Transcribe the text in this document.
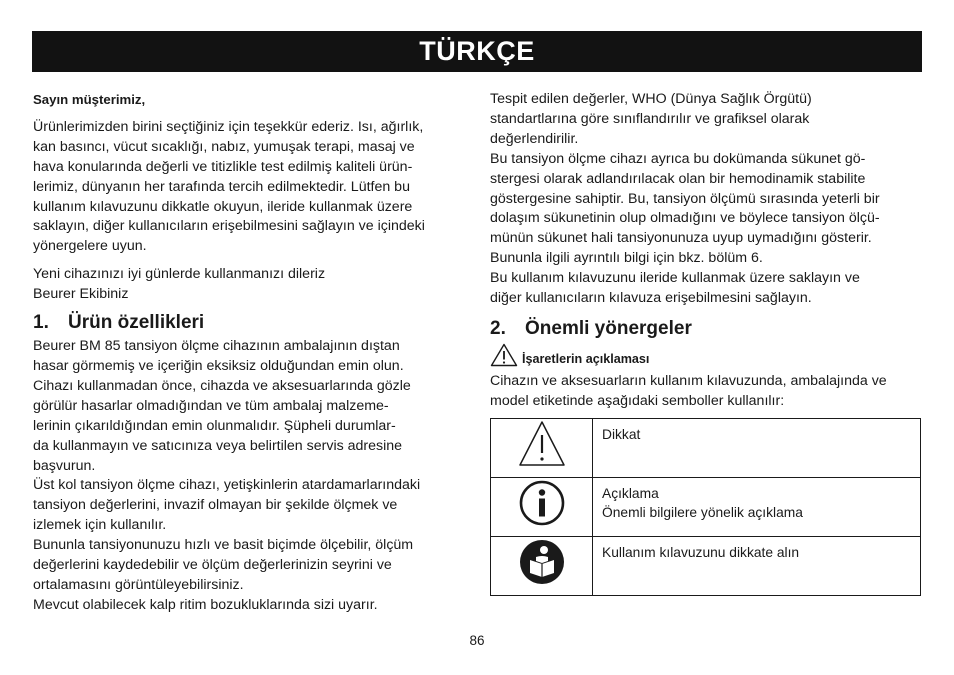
TÜRKÇE

Sayın müşterimiz,

Ürünlerimizden birini seçtiğiniz için teşekkür ederiz. Isı, ağırlık,

kan basıncı, vücut sıcaklığı, nabız, yumuşak terapi, masaj ve

hava konularında değerli ve titizlikle test edilmiş kaliteli ürün-

lerimiz, dünyanın her tarafında tercih edilmektedir. Lütfen bu

kullanım kılavuzunu dikkatle okuyun, ileride kullanmak üzere

saklayın, diğer kullanıcıların erişebilmesini sağlayın ve içindeki

yönergelere uyun.

Yeni cihazınızı iyi günlerde kullanmanızı dileriz

Beurer Ekibiniz

1. Ürün özellikleri

Beurer BM 85 tansiyon ölçme cihazının ambalajının dıştan

hasar görmemiş ve içeriğin eksiksiz olduğundan emin olun.

Cihazı kullanmadan önce, cihazda ve aksesuarlarında gözle

görülür hasarlar olmadığından ve tüm ambalaj malzeme-

lerinin çıkarıldığından emin olunmalıdır. Şüpheli durumlar-

da kullanmayın ve satıcınıza veya belirtilen servis adresine

başvurun.

Üst kol tansiyon ölçme cihazı, yetişkinlerin atardamarlarındaki

tansiyon değerlerini, invazif olmayan bir şekilde ölçmek ve

izlemek için kullanılır.

Bununla tansiyonunuzu hızlı ve basit biçimde ölçebilir, ölçüm

değerlerini kaydedebilir ve ölçüm değerlerinizin seyrini ve

ortalamasını görüntüleyebilirsiniz.

Mevcut olabilecek kalp ritim bozukluklarında sizi uyarır.

Tespit edilen değerler, WHO (Dünya Sağlık Örgütü)

standartlarına göre sınıflandırılır ve grafiksel olarak

değerlendirilir.

Bu tansiyon ölçme cihazı ayrıca bu dokümanda sükunet gö-

stergesi olarak adlandırılacak olan bir hemodinamik stabilite

göstergesine sahiptir. Bu, tansiyon ölçümü sırasında yeterli bir

dolaşım sükunetinin olup olmadığını ve böylece tansiyon ölçü-

münün sükunet hali tansiyonunuza uyup uymadığını gösterir.

Bununla ilgili ayrıntılı bilgi için bkz. bölüm 6.

Bu kullanım kılavuzunu ileride kullanmak üzere saklayın ve

diğer kullanıcıların kılavuza erişebilmesini sağlayın.

2. Önemli yönergeler

İşaretlerin açıklaması

Cihazın ve aksesuarların kullanım kılavuzunda, ambalajında ve

model etiketinde aşağıdaki semboller kullanılır:

Dikkat

Açıklama
Önemli bilgilere yönelik açıklama

Kullanım kılavuzunu dikkate alın
86
